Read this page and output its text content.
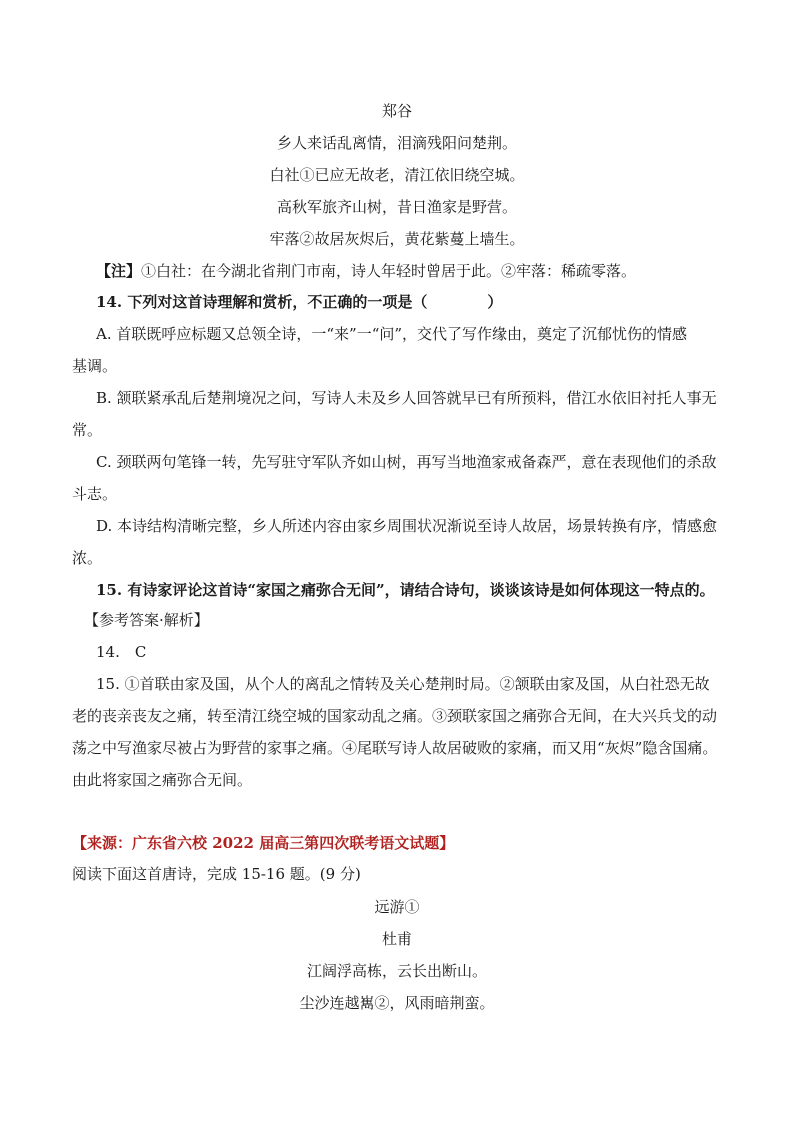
郑谷
乡人来话乱离情，泪滴残阳问楚荆。
白社①已应无故老，清江依旧绕空城。
高秋军旅齐山树，昔日渔家是野营。
牢落②故居灰烬后，黄花紫蔓上墙生。
【注】①白社：在今湖北省荆门市南，诗人年轻时曾居于此。②牢落：稀疏零落。
14. 下列对这首诗理解和赏析，不正确的一项是（　　　　）
A. 首联既呼应标题又总领全诗，一“来”一“问”，交代了写作缘由，奠定了沉郁忧伤的情感
基调。
B. 颔联紧承乱后楚荆境况之问，写诗人未及乡人回答就早已有所预料，借江水依旧衬托人事无
常。
C. 颈联两句笔锋一转，先写驻守军队齐如山树，再写当地渔家戒备森严，意在表现他们的杀敌
斗志。
D. 本诗结构清晰完整，乡人所述内容由家乡周围状况渐说至诗人故居，场景转换有序，情感愈
浓。
15. 有诗家评论这首诗“家国之痛弥合无间”，请结合诗句，谈谈该诗是如何体现这一特点的。
【参考答案·解析】
14.　C
15. ①首联由家及国，从个人的离乱之情转及关心楚荆时局。②颔联由家及国，从白社恐无故
老的丧亲丧友之痛，转至清江绕空城的国家动乱之痛。③颈联家国之痛弥合无间，在大兴兵戈的动
荡之中写渔家尽被占为野营的家事之痛。④尾联写诗人故居破败的家痛，而又用“灰烬”隐含国痛。
由此将家国之痛弥合无间。
【来源：广东省六校 2022 届高三第四次联考语文试题】
阅读下面这首唐诗，完成 15-16 题。(9 分)
远游①
杜甫
江阔浮高栋，云长出断山。
尘沙连越嶲②，风雨暗荆蛮。
